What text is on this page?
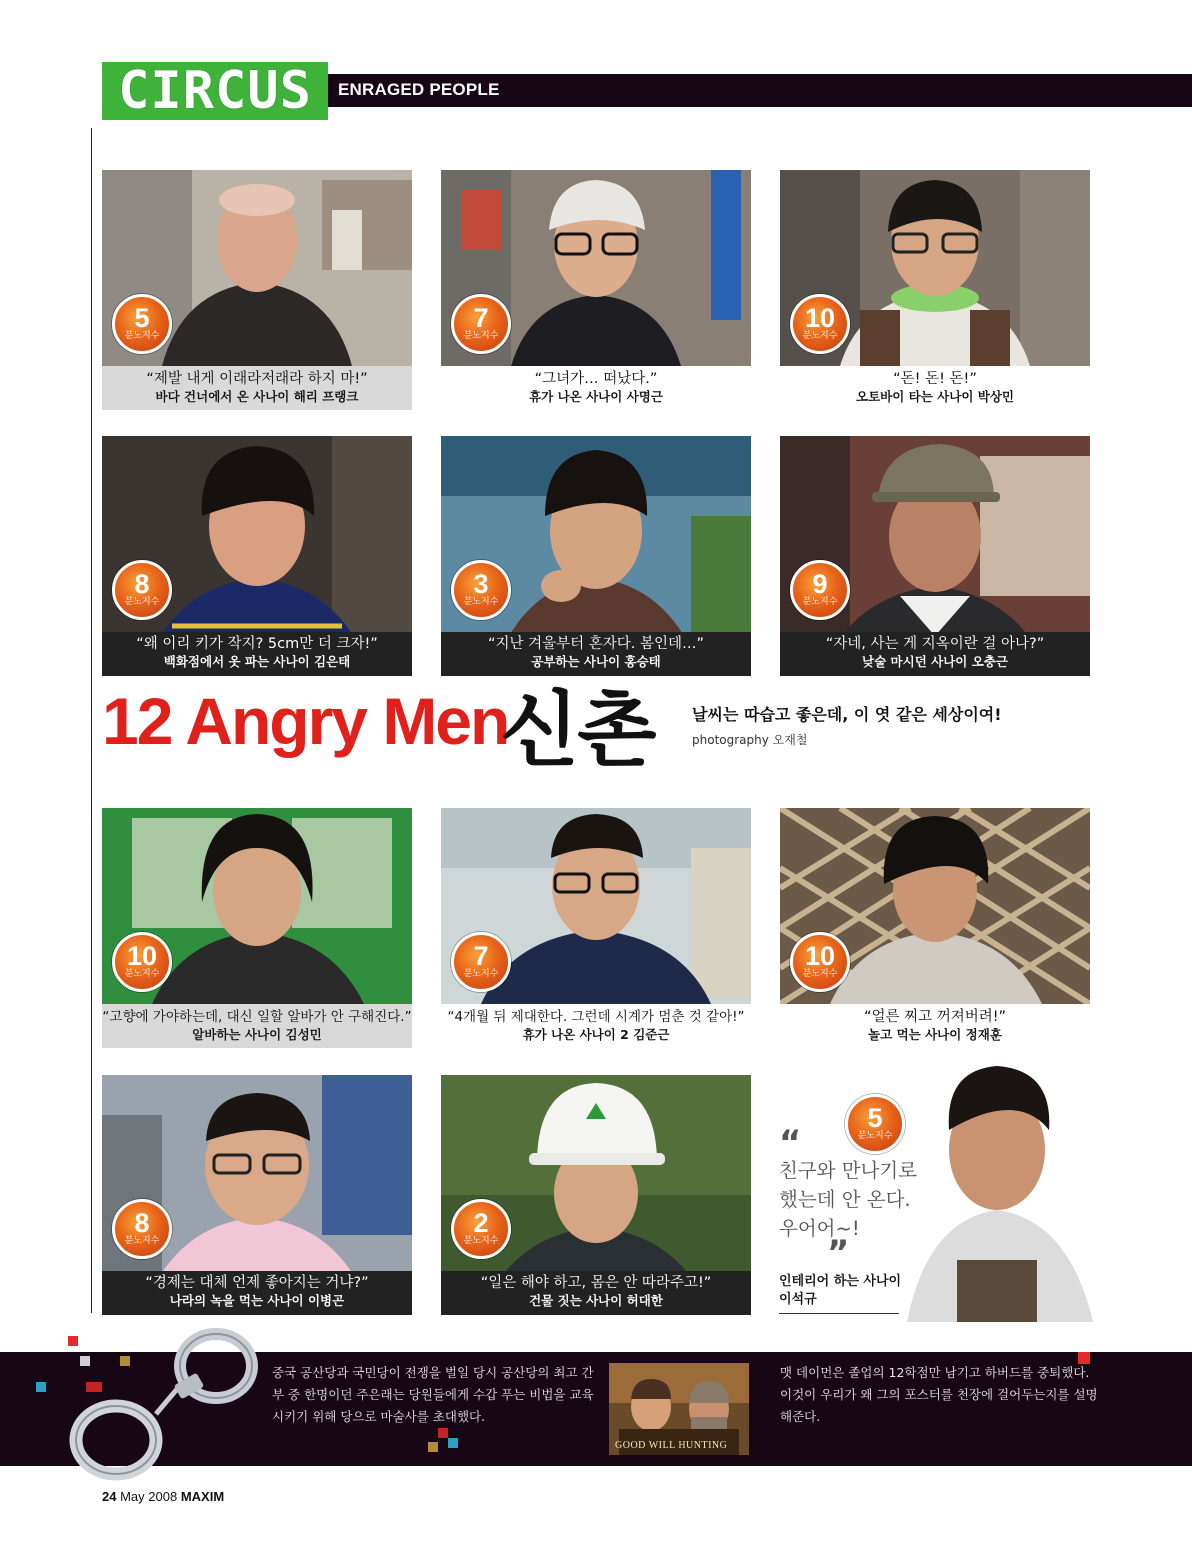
CIRCUS ENRAGED PEOPLE
5
분노지수
“제발 내게 이래라저래라 하지 마!”
바다 건너에서 온 사나이 해리 프랭크
7
분노지수
“그녀가… 떠났다.”
휴가 나온 사나이 사명근
10
분노지수
“돈! 돈! 돈!”
오토바이 타는 사나이 박상민
8
분노지수
“왜 이리 키가 작지? 5cm만 더 크자!”
백화점에서 옷 파는 사나이 김은태
3
분노지수
“지난 겨울부터 혼자다. 봄인데…”
공부하는 사나이 홍승태
9
분노지수
“자네, 사는 게 지옥이란 걸 아나?”
낮술 마시던 사나이 오충근
12 Angry Men
신촌 날씨는 따습고 좋은데, 이 엿 같은 세상이여!
photography 오재철
10
분노지수
“고향에 가야하는데, 대신 일할 알바가 안 구해진다.”
알바하는 사나이 김성민
7
분노지수
“4개월 뒤 제대한다. 그런데 시계가 멈춘 것 같아!”
휴가 나온 사나이 2 김준근
10
분노지수
“얼른 찌고 꺼져버려!”
놀고 먹는 사나이 정재훈
8
분노지수
“경제는 대체 언제 좋아지는 거냐?”
나라의 녹을 먹는 사나이 이병곤
2
분노지수
“일은 해야 하고, 몸은 안 따라주고!”
건물 짓는 사나이 허대한
5
분노지수
“
친구와 만나기로
했는데 안 온다.
우어어~!
”
인테리어 하는 사나이
이석규

중국 공산당과 국민당이 전쟁을 벌일 당시 공산당의 최고 간
부 중 한명이던 주은래는 당원들에게 수갑 푸는 비법을 교육
시키기 위해 당으로 마술사를 초대했다.

맷 데이먼은 졸업의 12학점만 남기고 하버드를 중퇴했다.
이것이 우리가 왜 그의 포스터를 천장에 걸어두는지를 설명
해준다.

GOOD WILL HUNTING
24 May 2008 MAXIM
